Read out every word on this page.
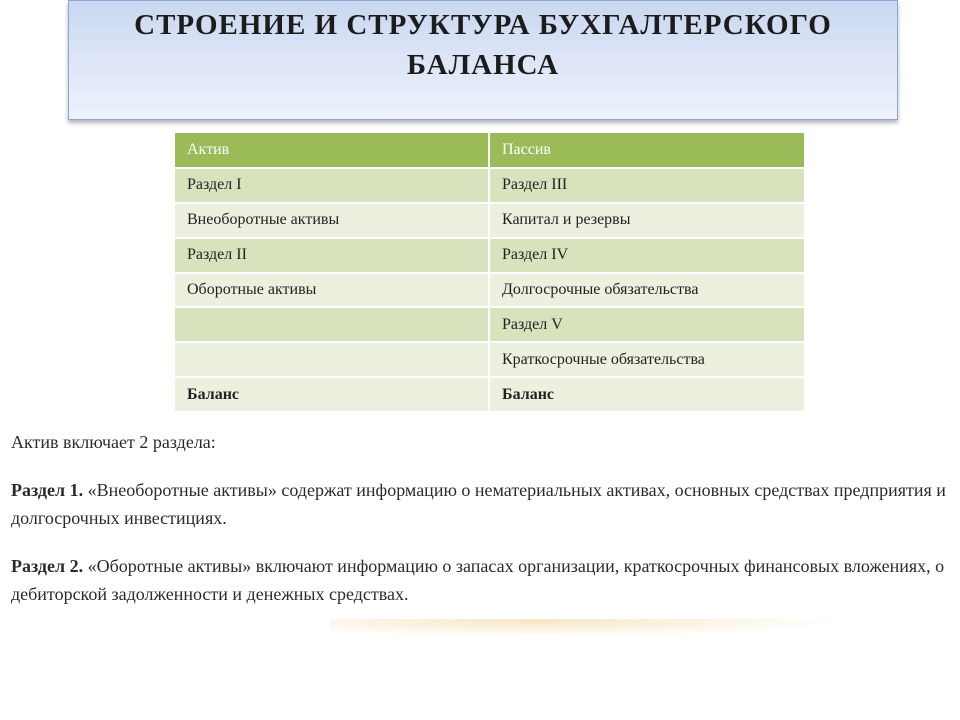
СТРОЕНИЕ И СТРУКТУРА БУХГАЛТЕРСКОГО
БАЛАНСА
Актив	Пассив
Раздел I	Раздел III
Внеоборотные активы	Капитал и резервы
Раздел II	Раздел IV
Оборотные активы	Долгосрочные обязательства
	Раздел V
	Краткосрочные обязательства
Баланс	Баланс

Актив включает 2 раздела:

Раздел 1. «Внеоборотные активы» содержат информацию о нематериальных активах, основных средствах предприятия и долгосрочных инвестициях.

Раздел 2. «Оборотные активы» включают информацию о запасах организации, краткосрочных финансовых вложениях, о дебиторской задолженности и денежных средствах.
